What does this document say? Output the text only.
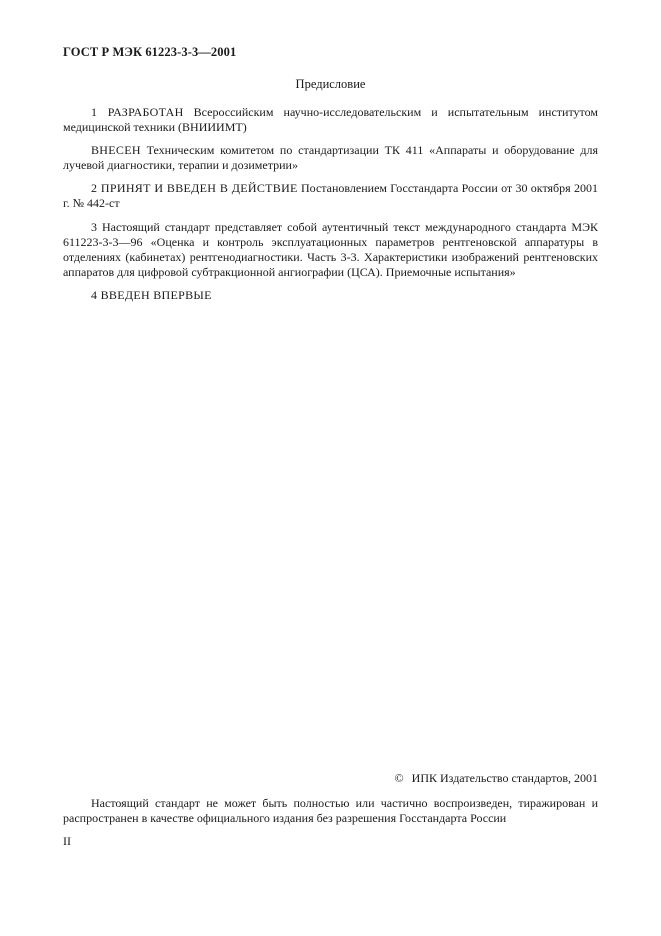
ГОСТ Р МЭК 61223-3-3—2001
Предисловие
1 РАЗРАБОТАН Всероссийским научно-исследовательским и испытательным институтом медицинской техники (ВНИИИМТ)
ВНЕСЕН Техническим комитетом по стандартизации ТК 411 «Аппараты и оборудование для лучевой диагностики, терапии и дозиметрии»
2 ПРИНЯТ И ВВЕДЕН В ДЕЙСТВИЕ Постановлением Госстандарта России от 30 октября 2001 г. № 442-ст
3 Настоящий стандарт представляет собой аутентичный текст международного стандарта МЭК 611223-3-3—96 «Оценка и контроль эксплуатационных параметров рентгеновской аппаратуры в отделениях (кабинетах) рентгенодиагностики. Часть 3-3. Характеристики изображений рентгеновских аппаратов для цифровой субтракционной ангиографии (ЦСА). Приемочные испытания»
4 ВВЕДЕН ВПЕРВЫЕ
© ИПК Издательство стандартов, 2001
Настоящий стандарт не может быть полностью или частично воспроизведен, тиражирован и распространен в качестве официального издания без разрешения Госстандарта России
II
